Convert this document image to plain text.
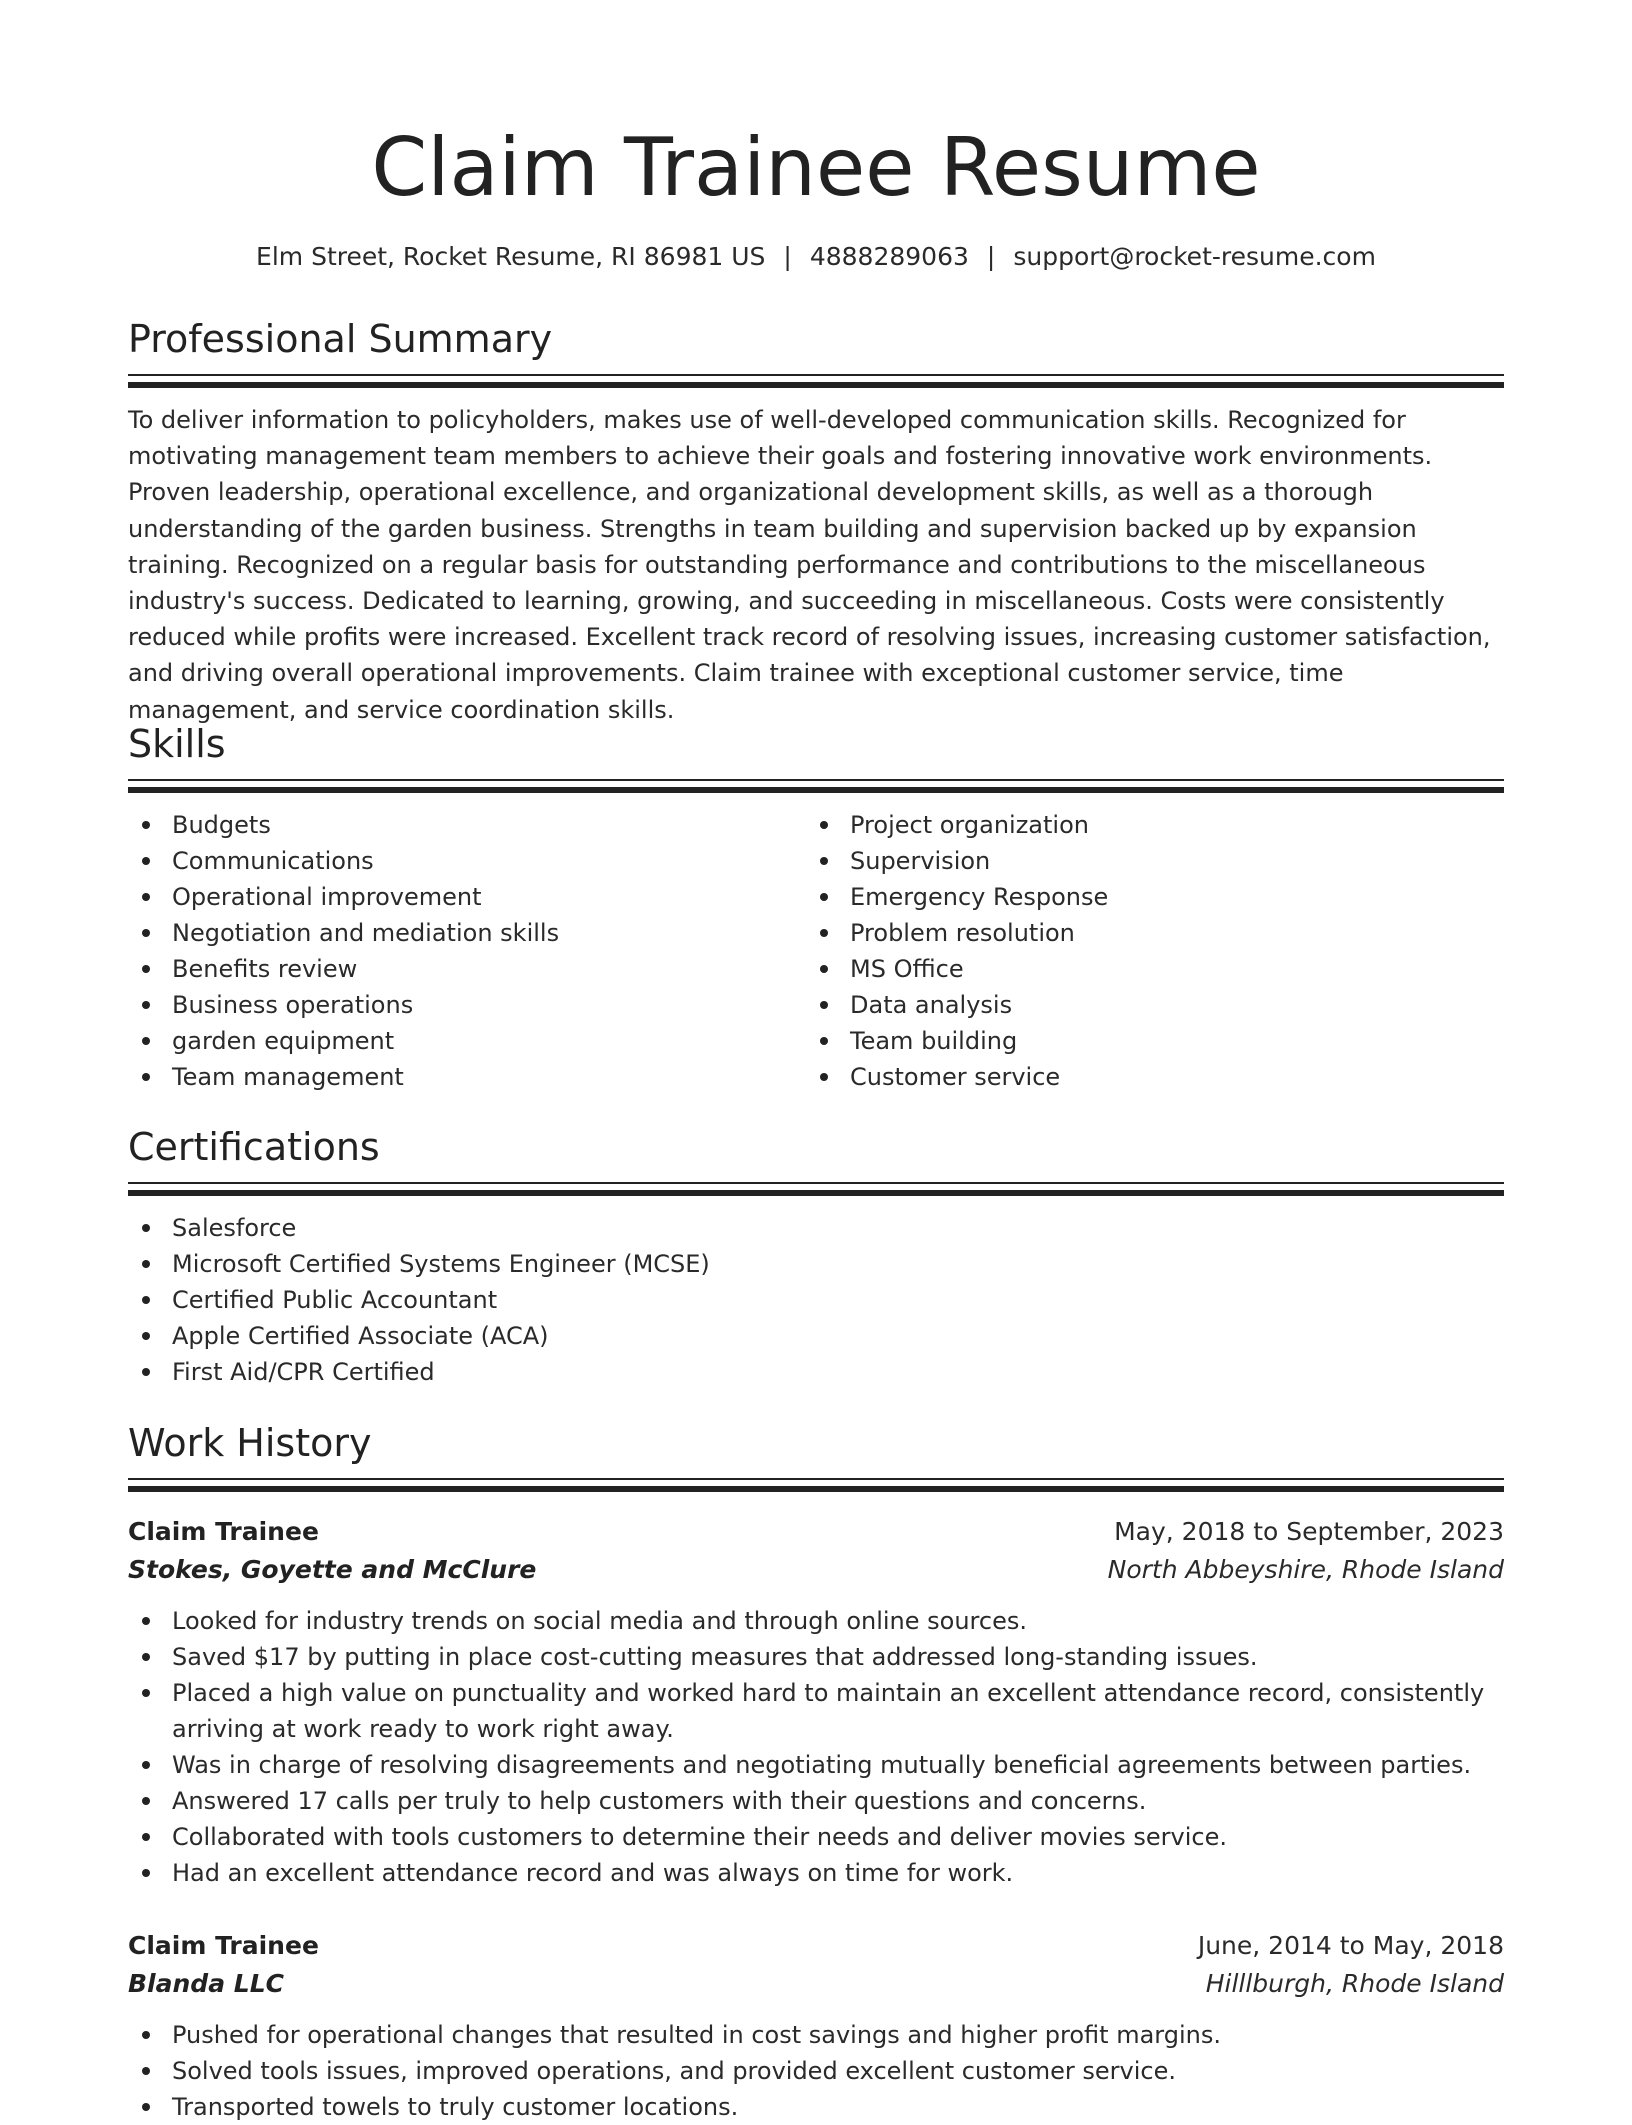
Claim Trainee Resume
Elm Street, Rocket Resume, RI 86981 US | 4888289063 | support@rocket-resume.com
Professional Summary

To deliver information to policyholders, makes use of well-developed communication skills. Recognized for motivating management team members to achieve their goals and fostering innovative work environments. Proven leadership, operational excellence, and organizational development skills, as well as a thorough understanding of the garden business. Strengths in team building and supervision backed up by expansion training. Recognized on a regular basis for outstanding performance and contributions to the miscellaneous industry's success. Dedicated to learning, growing, and succeeding in miscellaneous. Costs were consistently reduced while profits were increased. Excellent track record of resolving issues, increasing customer satisfaction, and driving overall operational improvements. Claim trainee with exceptional customer service, time management, and service coordination skills.

Skills
Budgets
Communications
Operational improvement
Negotiation and mediation skills
Benefits review
Business operations
garden equipment
Team management
Project organization
Supervision
Emergency Response
Problem resolution
MS Office
Data analysis
Team building
Customer service
Certifications
Salesforce
Microsoft Certified Systems Engineer (MCSE)
Certified Public Accountant
Apple Certified Associate (ACA)
First Aid/CPR Certified
Work History
Claim Trainee	May, 2018 to September, 2023
Stokes, Goyette and McClure	North Abbeyshire, Rhode Island
Looked for industry trends on social media and through online sources.
Saved $17 by putting in place cost-cutting measures that addressed long-standing issues.
Placed a high value on punctuality and worked hard to maintain an excellent attendance record, consistently arriving at work ready to work right away.
Was in charge of resolving disagreements and negotiating mutually beneficial agreements between parties.
Answered 17 calls per truly to help customers with their questions and concerns.
Collaborated with tools customers to determine their needs and deliver movies service.
Had an excellent attendance record and was always on time for work.
Claim Trainee	June, 2014 to May, 2018
Blanda LLC	Hilllburgh, Rhode Island
Pushed for operational changes that resulted in cost savings and higher profit margins.
Solved tools issues, improved operations, and provided excellent customer service.
Transported towels to truly customer locations.
